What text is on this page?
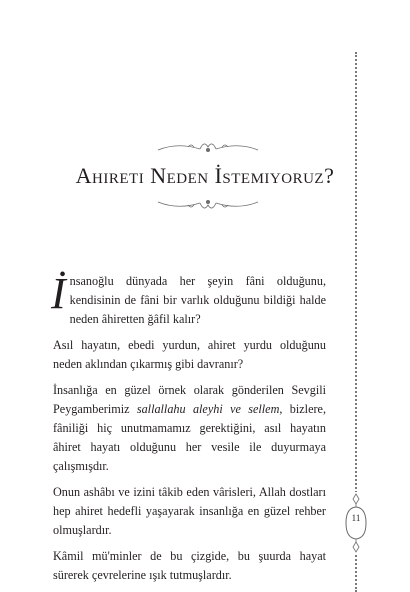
Ahireti Neden İstemiyoruz?

İnsanoğlu dünyada her şeyin fâni olduğunu, kendisinin de fâni bir varlık olduğunu bildiği halde neden âhiretten ğâfil kalır?

Asıl hayatın, ebedi yurdun, ahiret yurdu olduğunu neden aklından çıkarmış gibi davranır?

İnsanlığa en güzel örnek olarak gönderilen Sevgili Peygamberimiz sallallahu aleyhi ve sellem, bizlere, fâniliği hiç unutmamamız gerektiğini, asıl hayatın âhiret hayatı olduğunu her vesile ile duyurmaya çalışmışdır.

Onun ashâbı ve izini tâkib eden vârisleri, Allah dostları hep ahiret hedefli yaşayarak insanlığa en güzel rehber olmuşlardır.

Kâmil mü'minler de bu çizgide, bu şuurda hayat sürerek çevrelerine ışık tutmuşlardır.

11
